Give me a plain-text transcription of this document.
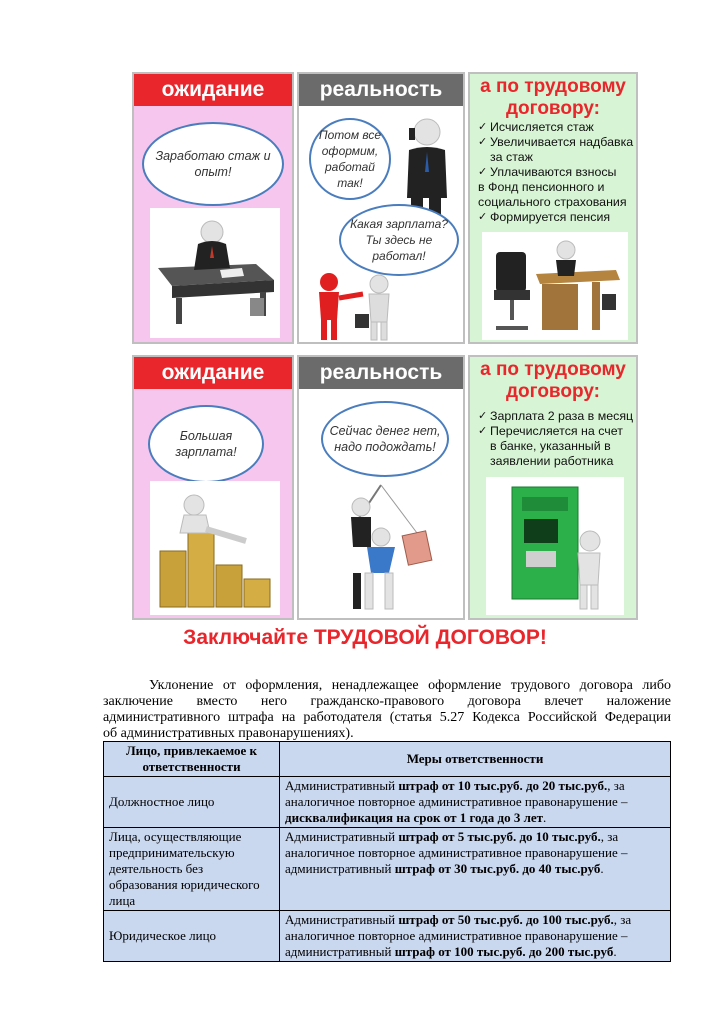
ожидание
Заработаю стаж и опыт!
реальность
Потом все оформим, работай так!
Какая зарплата? Ты здесь не работал!
а по трудовому договору:
✓ Исчисляется стаж
✓ Увеличивается надбавка
за стаж
✓ Уплачиваются взносы
в Фонд пенсионного и
социального страхования
✓ Формируется пенсия
ожидание
Большая зарплата!
реальность
Сейчас денег нет, надо подождать!
а по трудовому договору:
✓ Зарплата 2 раза в месяц
✓ Перечисляется на счет
в банке, указанный в
заявлении работника
Заключайте ТРУДОВОЙ ДОГОВОР!
Уклонение от оформления, ненадлежащее оформление трудового договора либо
заключение вместо него гражданско-правового договора влечет наложение
административного штрафа на работодателя (статья 5.27 Кодекса Российской Федерации
об административных правонарушениях).
Лицо, привлекаемое к ответственности	Меры ответственности
Должностное лицо	Административный штраф от 10 тыс.руб. до 20 тыс.руб., за аналогичное повторное административное правонарушение – дисквалификация на срок от 1 года до 3 лет.
Лица, осуществляющие предпринимательскую деятельность без образования юридического лица	Административный штраф от 5 тыс.руб. до 10 тыс.руб., за аналогичное повторное административное правонарушение – административный штраф от 30 тыс.руб. до 40 тыс.руб.
Юридическое лицо	Административный штраф от 50 тыс.руб. до 100 тыс.руб., за аналогичное повторное административное правонарушение – административный штраф от 100 тыс.руб. до 200 тыс.руб.
